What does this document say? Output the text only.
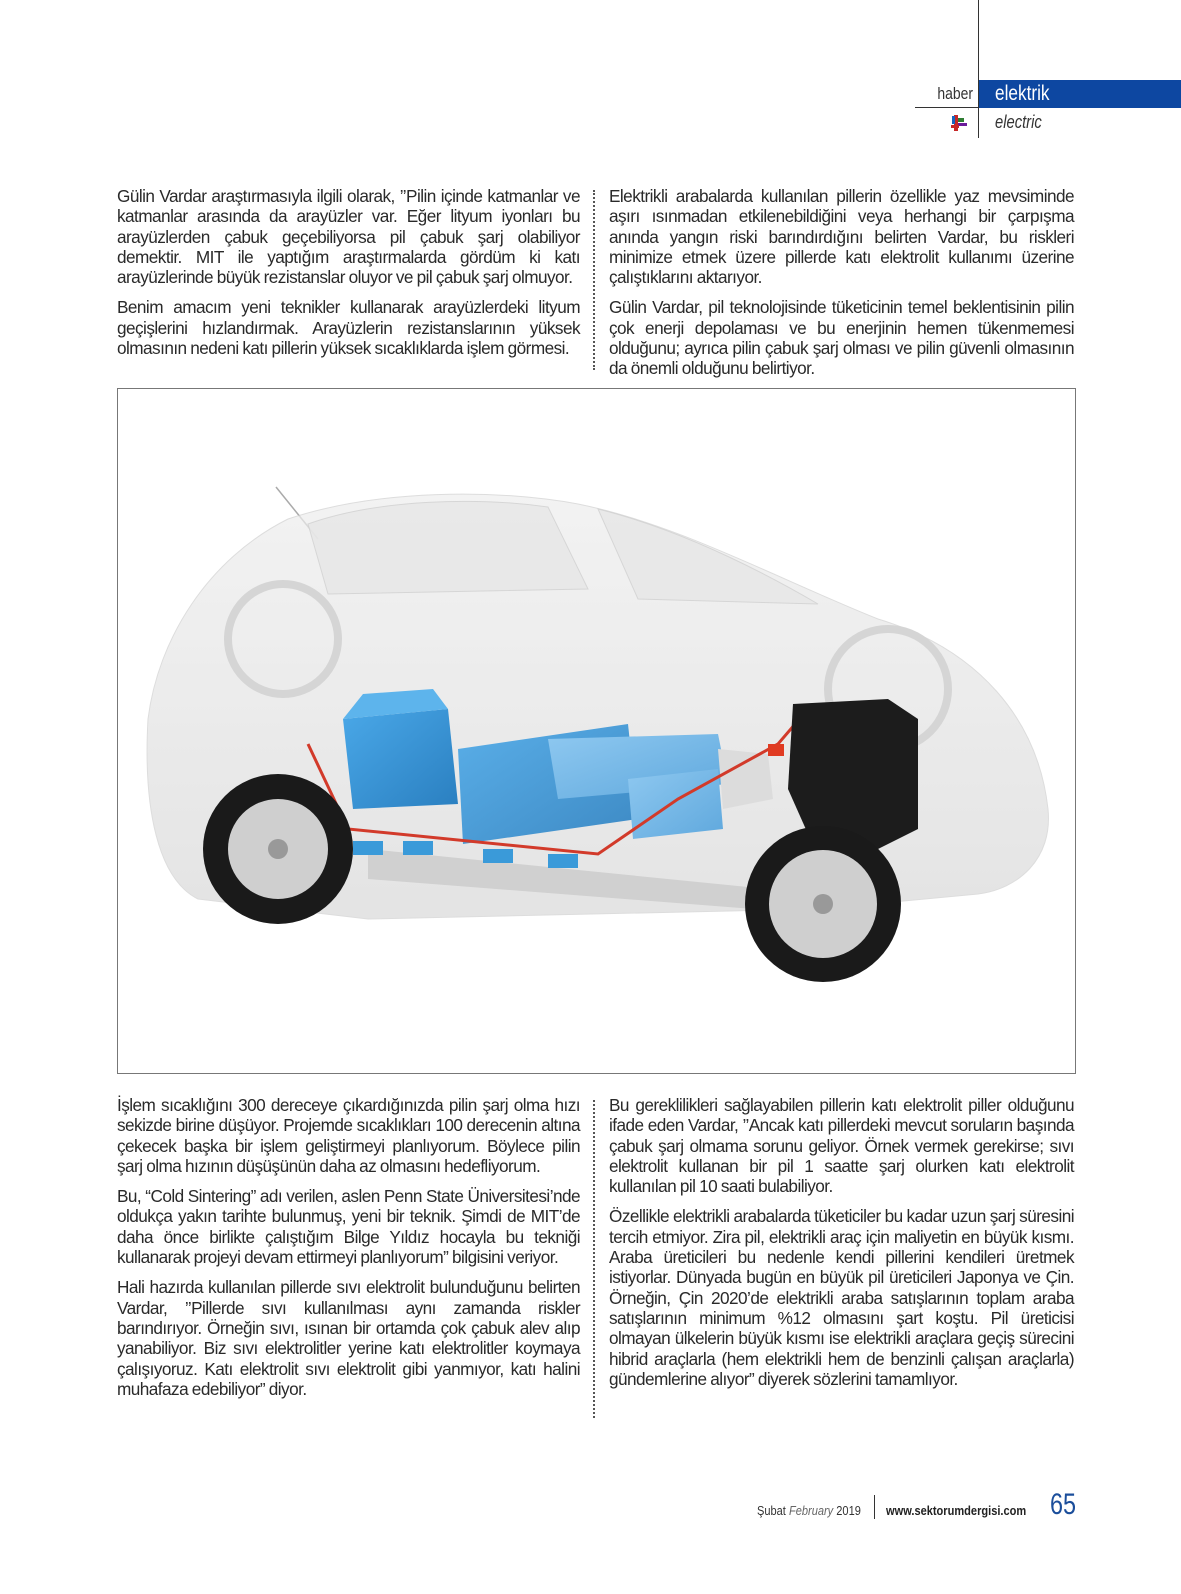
haber elektrik
electric

Gülin Vardar araştırmasıyla ilgili olarak, ’’Pilin içinde katmanlar ve katmanlar arasında da arayüzler var. Eğer lityum iyonları bu arayüzlerden çabuk geçebiliyorsa pil çabuk şarj olabiliyor demektir. MIT ile yaptığım araştırmalarda gördüm ki katı arayüzlerinde büyük rezistanslar oluyor ve pil çabuk şarj olmuyor.

Benim amacım yeni teknikler kullanarak arayüzlerdeki lityum geçişlerini hızlandırmak. Arayüzlerin rezistanslarının yüksek olmasının nedeni katı pillerin yüksek sıcaklıklarda işlem görmesi.

Elektrikli arabalarda kullanılan pillerin özellikle yaz mevsiminde aşırı ısınmadan etkilenebildiğini veya herhangi bir çarpışma anında yangın riski barındırdığını belirten Vardar, bu riskleri minimize etmek üzere pillerde katı elektrolit kullanımı üzerine çalıştıklarını aktarıyor.

Gülin Vardar, pil teknolojisinde tüketicinin temel beklentisinin pilin çok enerji depolaması ve bu enerjinin hemen tükenmemesi olduğunu; ayrıca pilin çabuk şarj olması ve pilin güvenli olmasının da önemli olduğunu belirtiyor.

İşlem sıcaklığını 300 dereceye çıkardığınızda pilin şarj olma hızı sekizde birine düşüyor. Projemde sıcaklıkları 100 derecenin altına çekecek başka bir işlem geliştirmeyi planlıyorum. Böylece pilin şarj olma hızının düşüşünün daha az olmasını hedefliyorum.

Bu, “Cold Sintering” adı verilen, aslen Penn State Üniversitesi’nde oldukça yakın tarihte bulunmuş, yeni bir teknik. Şimdi de MIT’de daha önce birlikte çalıştığım Bilge Yıldız hocayla bu tekniği kullanarak projeyi devam ettirmeyi planlıyorum” bilgisini veriyor.

Hali hazırda kullanılan pillerde sıvı elektrolit bulunduğunu belirten Vardar, ’’Pillerde sıvı kullanılması aynı zamanda riskler barındırıyor. Örneğin sıvı, ısınan bir ortamda çok çabuk alev alıp yanabiliyor. Biz sıvı elektrolitler yerine katı elektrolitler koymaya çalışıyoruz. Katı elektrolit sıvı elektrolit gibi yanmıyor, katı halini muhafaza edebiliyor” diyor.

Bu gereklilikleri sağlayabilen pillerin katı elektrolit piller olduğunu ifade eden Vardar, ’’Ancak katı pillerdeki mevcut soruların başında çabuk şarj olmama sorunu geliyor. Örnek vermek gerekirse; sıvı elektrolit kullanan bir pil 1 saatte şarj olurken katı elektrolit kullanılan pil 10 saati bulabiliyor.

Özellikle elektrikli arabalarda tüketiciler bu kadar uzun şarj süresini tercih etmiyor. Zira pil, elektrikli araç için maliyetin en büyük kısmı. Araba üreticileri bu nedenle kendi pillerini kendileri üretmek istiyorlar. Dünyada bugün en büyük pil üreticileri Japonya ve Çin. Örneğin, Çin 2020’de elektrikli araba satışlarının toplam araba satışlarının minimum %12 olmasını şart koştu. Pil üreticisi olmayan ülkelerin büyük kısmı ise elektrikli araçlara geçiş sürecini hibrid araçlarla (hem elektrikli hem de benzinli çalışan araçlarla) gündemlerine alıyor” diyerek sözlerini tamamlıyor.

Şubat February 2019 www.sektorumdergisi.com 65
